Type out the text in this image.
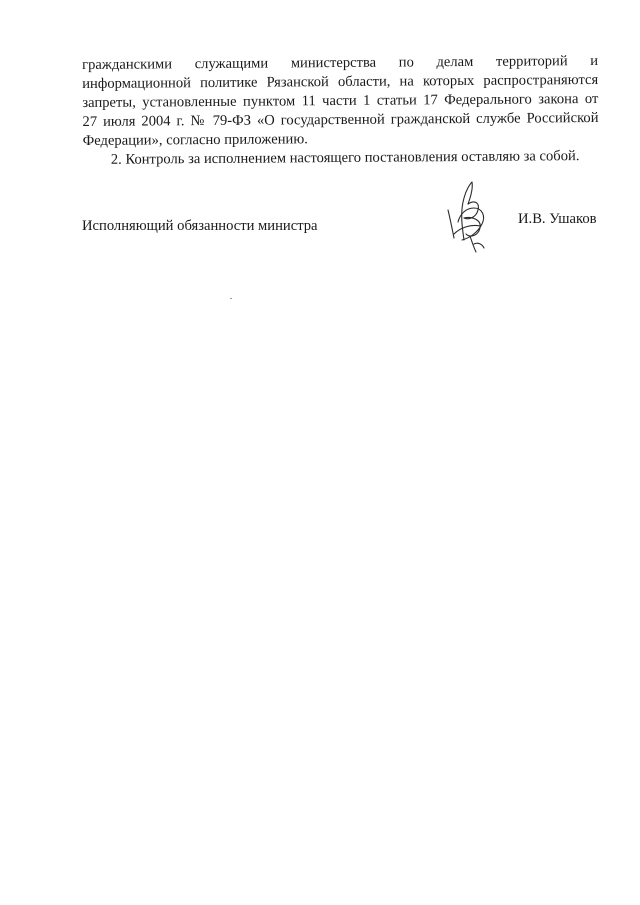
гражданскими служащими министерства по делам территорий и
информационной политике Рязанской области, на которых распространяются
запреты, установленные пунктом 11 части 1 статьи 17 Федерального закона от
27 июля 2004 г. № 79-ФЗ «О государственной гражданской службе Российской
Федерации», согласно приложению.
2. Контроль за исполнением настоящего постановления оставляю за собой.
Исполняющий обязанности министра	И.В. Ушаков
